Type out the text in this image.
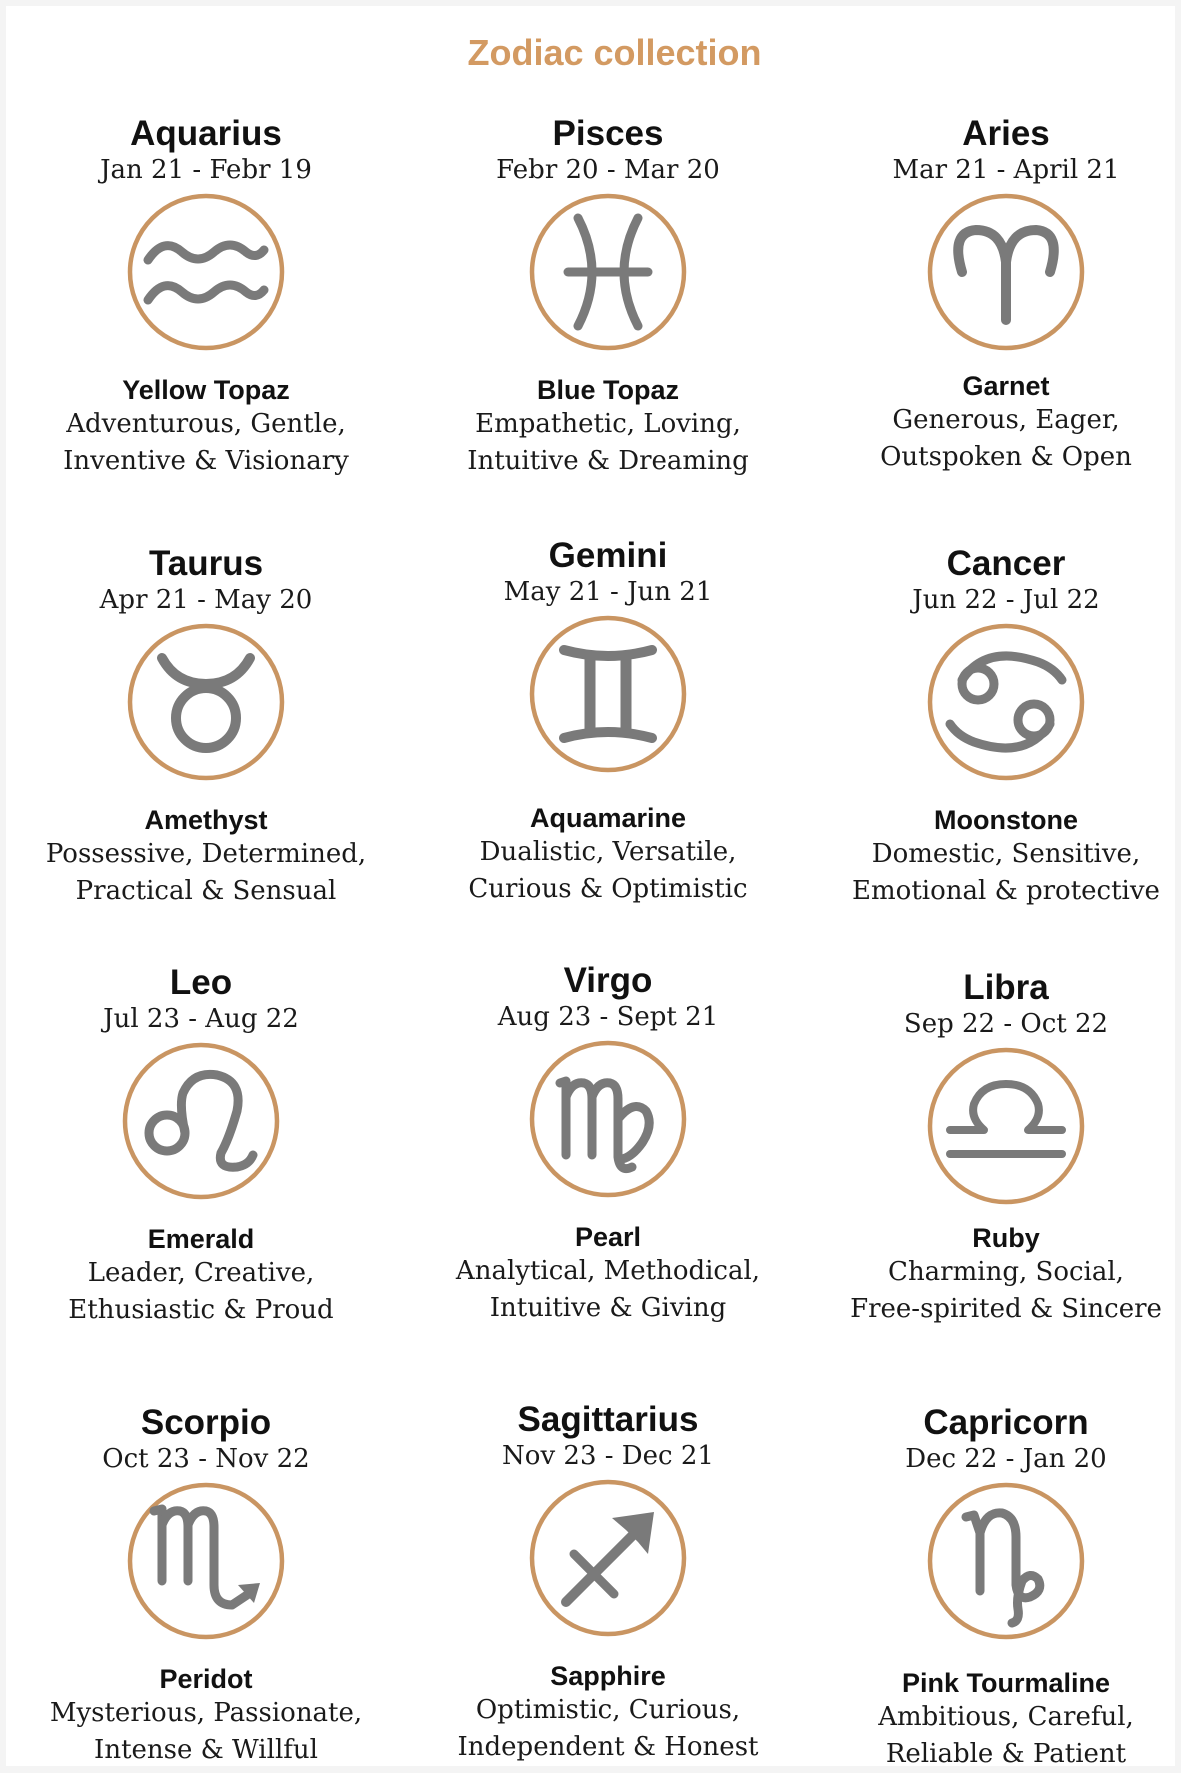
Zodiac collection
Aquarius
Jan 21 - Febr 19
Yellow Topaz
Adventurous, Gentle,
Inventive & Visionary
Pisces
Febr 20 - Mar 20
Blue Topaz
Empathetic, Loving,
Intuitive & Dreaming
Aries
Mar 21 - April 21
Garnet
Generous, Eager,
Outspoken & Open
Taurus
Apr 21 - May 20
Amethyst
Possessive, Determined,
Practical & Sensual
Gemini
May 21 - Jun 21
Aquamarine
Dualistic, Versatile,
Curious & Optimistic
Cancer
Jun 22 - Jul 22
Moonstone
Domestic, Sensitive,
Emotional & protective
Leo
Jul 23 - Aug 22
Emerald
Leader, Creative,
Ethusiastic & Proud
Virgo
Aug 23 - Sept 21
Pearl
Analytical, Methodical,
Intuitive & Giving
Libra
Sep 22 - Oct 22
Ruby
Charming, Social,
Free-spirited & Sincere
Scorpio
Oct 23 - Nov 22
Peridot
Mysterious, Passionate,
Intense & Willful
Sagittarius
Nov 23 - Dec 21
Sapphire
Optimistic, Curious,
Independent & Honest
Capricorn
Dec 22 - Jan 20
Pink Tourmaline
Ambitious, Careful,
Reliable & Patient
